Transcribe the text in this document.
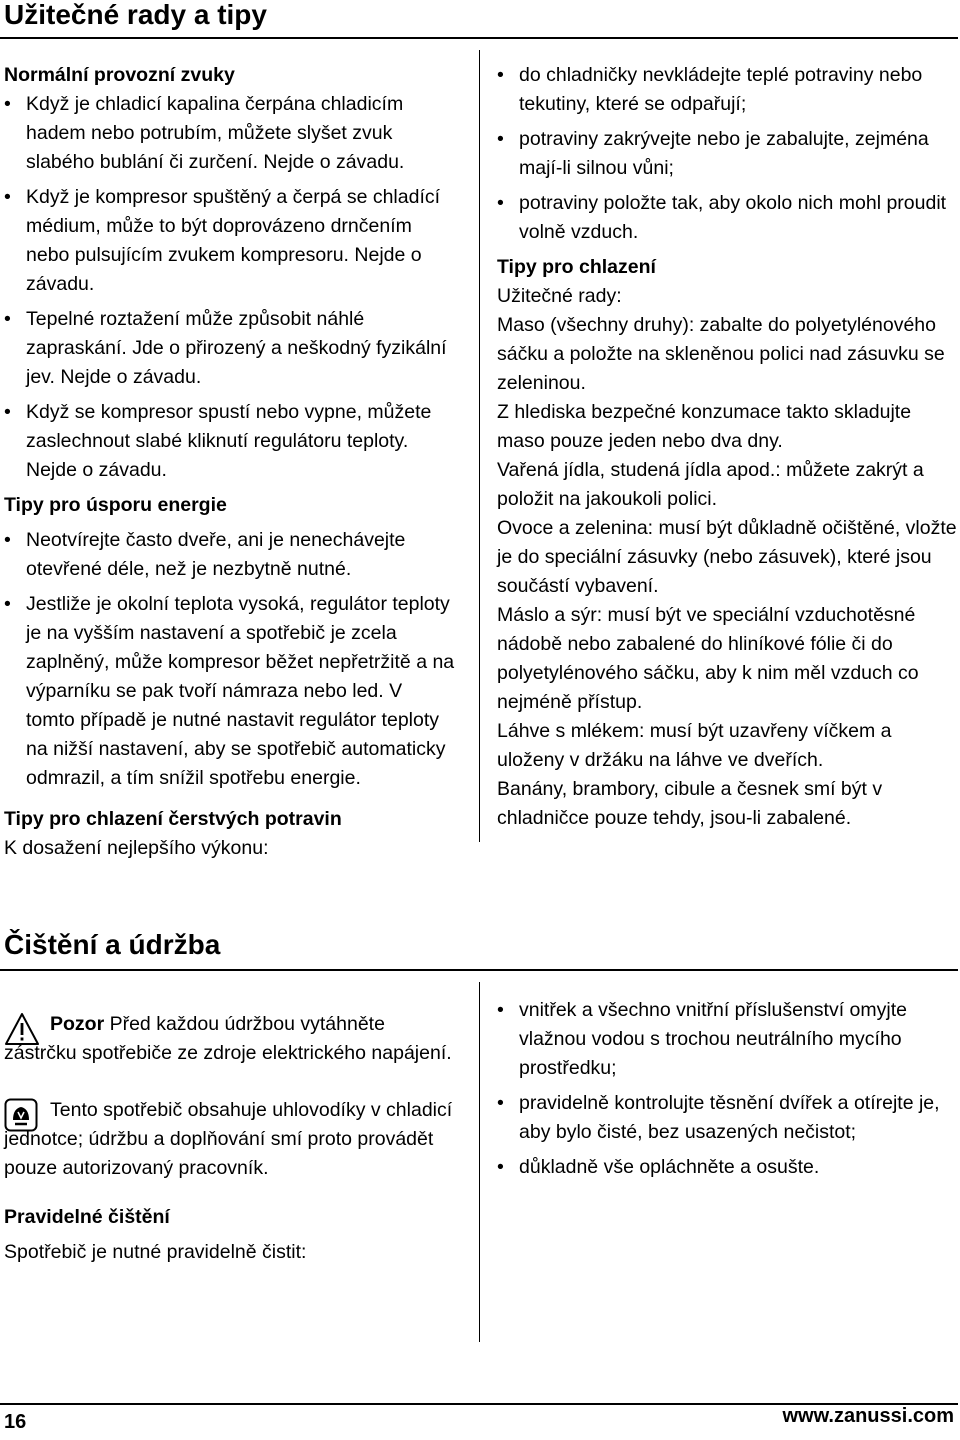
Užitečné rady a tipy
Normální provozní zvuky
• Když je chladicí kapalina čerpána chladicím hadem nebo potrubím, můžete slyšet zvuk slabého bublání či zurčení. Nejde o závadu.
• Když je kompresor spuštěný a čerpá se chladící médium, může to být doprovázeno drnčením nebo pulsujícím zvukem kompresoru. Nejde o závadu.
• Tepelné roztažení může způsobit náhlé zapraskání. Jde o přirozený a neškodný fyzikální jev. Nejde o závadu.
• Když se kompresor spustí nebo vypne, můžete zaslechnout slabé kliknutí regulátoru teploty. Nejde o závadu.
Tipy pro úsporu energie
• Neotvírejte často dveře, ani je nenechávejte otevřené déle, než je nezbytně nutné.
• Jestliže je okolní teplota vysoká, regulátor teploty je na vyšším nastavení a spotřebič je zcela zaplněný, může kompresor běžet nepřetržitě a na výparníku se pak tvoří námraza nebo led. V tomto případě je nutné nastavit regulátor teploty na nižší nastavení, aby se spotřebič automaticky odmrazil, a tím snížil spotřebu energie.
Tipy pro chlazení čerstvých potravin

K dosažení nejlepšího výkonu:

• do chladničky nevkládejte teplé potraviny nebo tekutiny, které se odpařují;
• potraviny zakrývejte nebo je zabalujte, zejména mají-li silnou vůni;
• potraviny položte tak, aby okolo nich mohl proudit volně vzduch.
Tipy pro chlazení

Užitečné rady:

Maso (všechny druhy): zabalte do polyetylénového sáčku a položte na skleněnou polici nad zásuvku se zeleninou.

Z hlediska bezpečné konzumace takto skladujte maso pouze jeden nebo dva dny.

Vařená jídla, studená jídla apod.: můžete zakrýt a položit na jakoukoli polici.

Ovoce a zelenina: musí být důkladně očištěné, vložte je do speciální zásuvky (nebo zásuvek), které jsou součástí vybavení.

Máslo a sýr: musí být ve speciální vzduchotěsné nádobě nebo zabalené do hliníkové fólie či do polyetylénového sáčku, aby k nim měl vzduch co nejméně přístup.

Láhve s mlékem: musí být uzavřeny víčkem a uloženy v držáku na láhve ve dveřích.

Banány, brambory, cibule a česnek smí být v chladničce pouze tehdy, jsou-li zabalené.

Čištění a údržba

Pozor Před každou údržbou vytáhněte zástrčku spotřebiče ze zdroje elektrického napájení.

Tento spotřebič obsahuje uhlovodíky v chladicí jednotce; údržbu a doplňování smí proto provádět pouze autorizovaný pracovník.

Pravidelné čištění

Spotřebič je nutné pravidelně čistit:

• vnitřek a všechno vnitřní příslušenství omyjte vlažnou vodou s trochou neutrálního mycího prostředku;
• pravidelně kontrolujte těsnění dvířek a otírejte je, aby bylo čisté, bez usazených nečistot;
• důkladně vše opláchněte a osušte.
16	www.zanussi.com
